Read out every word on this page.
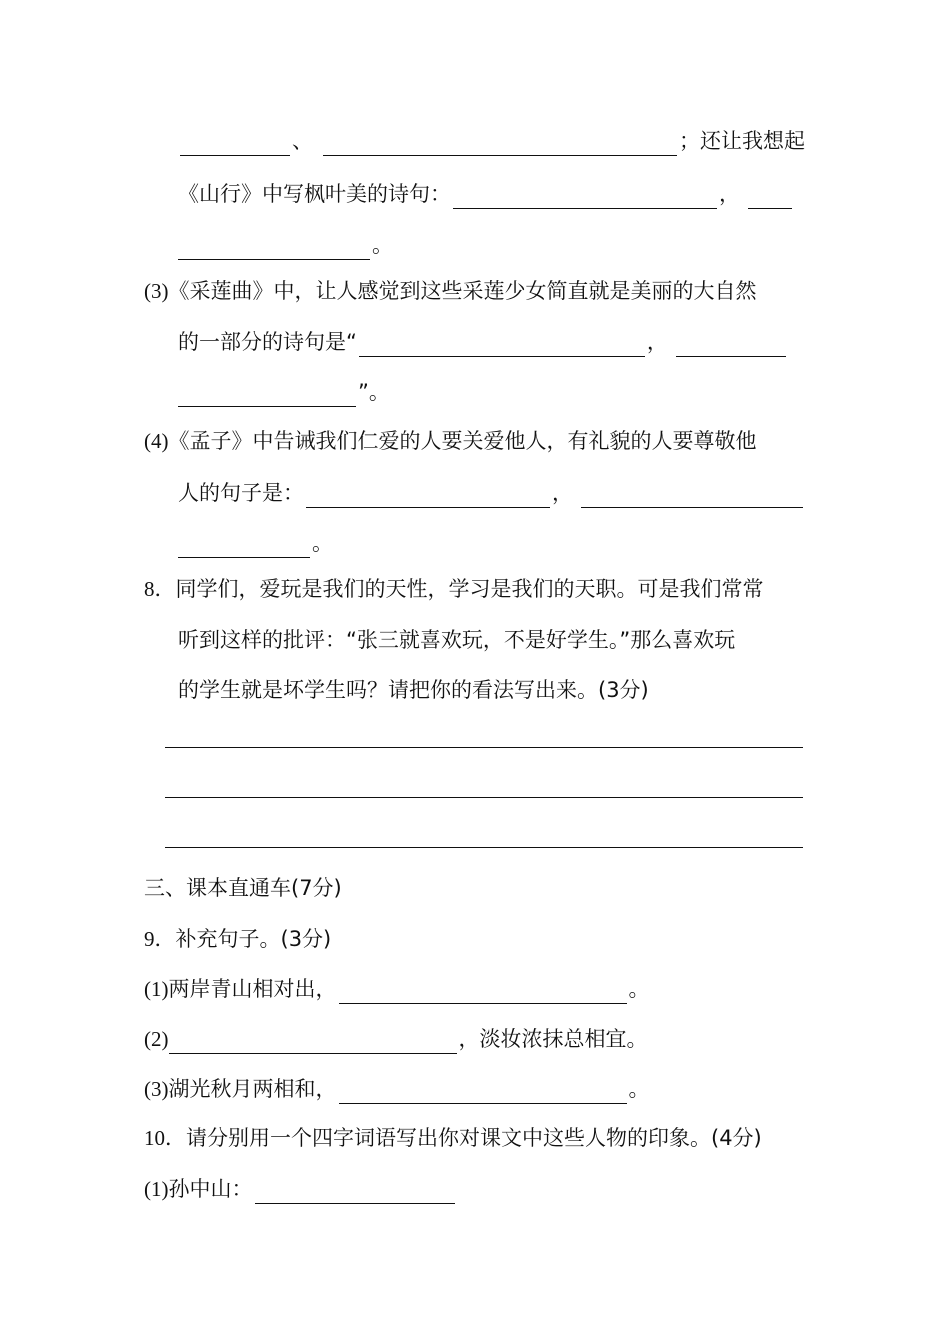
、	；还让我想起
《山行》中写枫叶美的诗句：	，
。
(3) 《采莲曲》中，让人感觉到这些采莲少女简直就是美丽的大自然
的一部分的诗句是“	，
”。
(4) 《孟子》中告诫我们仁爱的人要关爱他人，有礼貌的人要尊敬他
人的句子是：	，
。
8． 同学们，爱玩是我们的天性，学习是我们的天职。可是我们常常
听到这样的批评：“张三就喜欢玩，不是好学生。”那么喜欢玩
的学生就是坏学生吗？请把你的看法写出来。(3分)
三、课本直通车(7分)
9． 补充句子。(3分)
(1) 两岸青山相对出，	。
(2)	，淡妆浓抹总相宜。
(3) 湖光秋月两相和，	。
10． 请分别用一个四字词语写出你对课文中这些人物的印象。(4分)
(1) 孙中山：
